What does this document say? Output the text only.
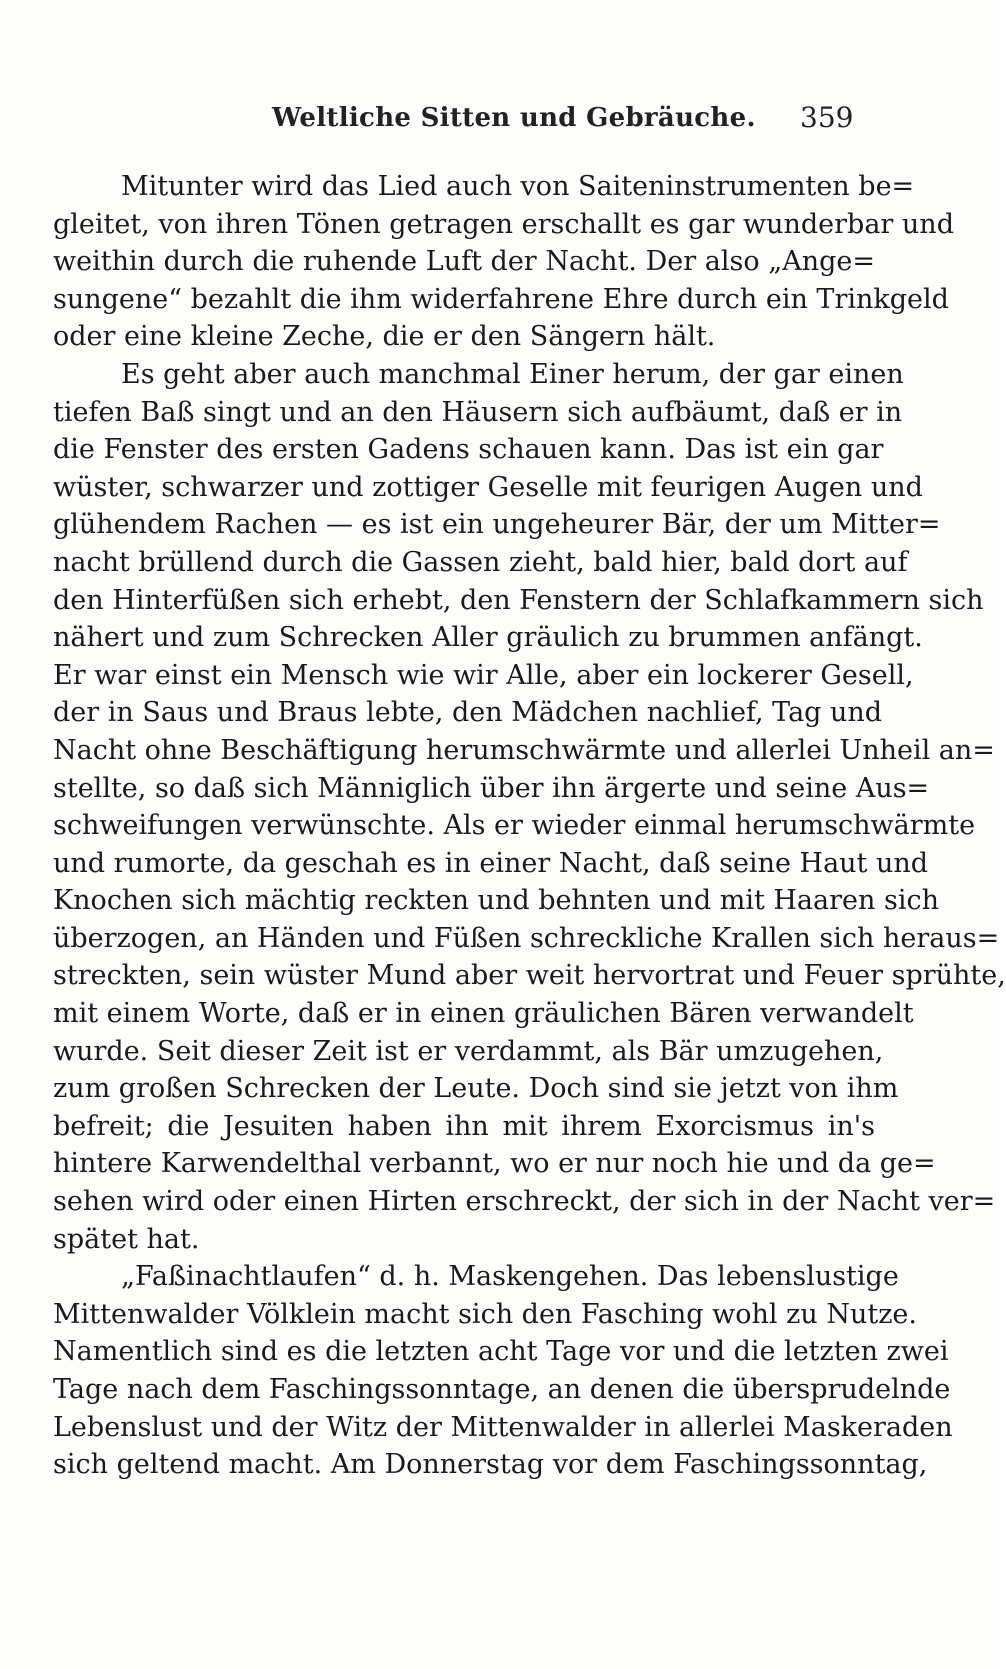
Weltliche Sitten und Gebräuche. 359
Mitunter wird das Lied auch von Saiteninstrumenten be=
gleitet, von ihren Tönen getragen erschallt es gar wunderbar und
weithin durch die ruhende Luft der Nacht. Der also „Ange=
sungene“ bezahlt die ihm widerfahrene Ehre durch ein Trinkgeld
oder eine kleine Zeche, die er den Sängern hält.
Es geht aber auch manchmal Einer herum, der gar einen
tiefen Baß singt und an den Häusern sich aufbäumt, daß er in
die Fenster des ersten Gadens schauen kann. Das ist ein gar
wüster, schwarzer und zottiger Geselle mit feurigen Augen und
glühendem Rachen — es ist ein ungeheurer Bär, der um Mitter=
nacht brüllend durch die Gassen zieht, bald hier, bald dort auf
den Hinterfüßen sich erhebt, den Fenstern der Schlafkammern sich
nähert und zum Schrecken Aller gräulich zu brummen anfängt.
Er war einst ein Mensch wie wir Alle, aber ein lockerer Gesell,
der in Saus und Braus lebte, den Mädchen nachlief, Tag und
Nacht ohne Beschäftigung herumschwärmte und allerlei Unheil an=
stellte, so daß sich Männiglich über ihn ärgerte und seine Aus=
schweifungen verwünschte. Als er wieder einmal herumschwärmte
und rumorte, da geschah es in einer Nacht, daß seine Haut und
Knochen sich mächtig reckten und behnten und mit Haaren sich
überzogen, an Händen und Füßen schreckliche Krallen sich heraus=
streckten, sein wüster Mund aber weit hervortrat und Feuer sprühte,
mit einem Worte, daß er in einen gräulichen Bären verwandelt
wurde. Seit dieser Zeit ist er verdammt, als Bär umzugehen,
zum großen Schrecken der Leute. Doch sind sie jetzt von ihm
befreit; die Jesuiten haben ihn mit ihrem Exorcismus in's
hintere Karwendelthal verbannt, wo er nur noch hie und da ge=
sehen wird oder einen Hirten erschreckt, der sich in der Nacht ver=
spätet hat.
„Faßinachtlaufen“ d. h. Maskengehen. Das lebenslustige
Mittenwalder Völklein macht sich den Fasching wohl zu Nutze.
Namentlich sind es die letzten acht Tage vor und die letzten zwei
Tage nach dem Faschingssonntage, an denen die übersprudelnde
Lebenslust und der Witz der Mittenwalder in allerlei Maskeraden
sich geltend macht. Am Donnerstag vor dem Faschingssonntag,
